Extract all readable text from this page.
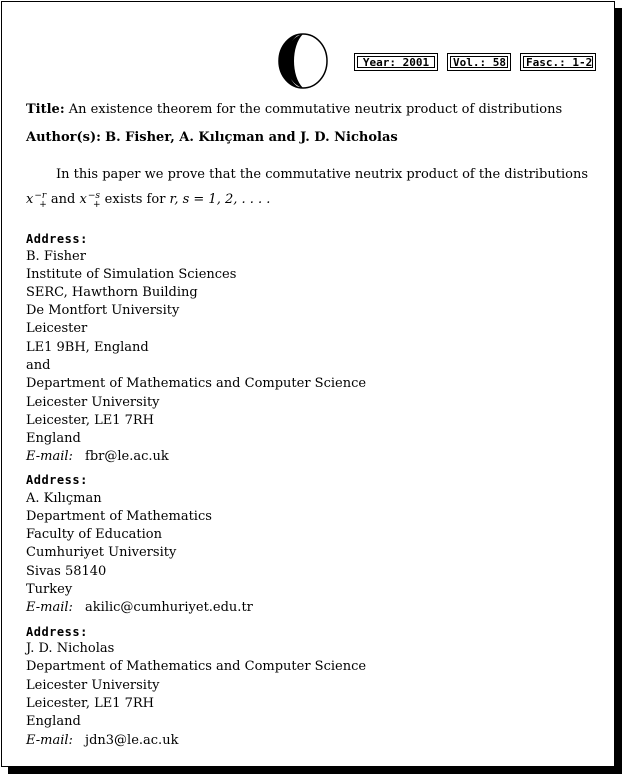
Year: 2001	Vol.: 58	Fasc.: 1-2
Title: An existence theorem for the commutative neutrix product of distributions
Author(s): B. Fisher, A. Kılıçman and J. D. Nicholas
In this paper we prove that the commutative neutrix product of the distributions
$x^{-r}_+$ and $x^{-s}_+$ exists for r, s = 1, 2, . . . .
Address:
B. Fisher
Institute of Simulation Sciences
SERC, Hawthorn Building
De Montfort University
Leicester
LE1 9BH, England
and
Department of Mathematics and Computer Science
Leicester University
Leicester, LE1 7RH
England
E-mail: fbr@le.ac.uk
Address:
A. Kılıçman
Department of Mathematics
Faculty of Education
Cumhuriyet University
Sivas 58140
Turkey
E-mail: akilic@cumhuriyet.edu.tr
Address:
J. D. Nicholas
Department of Mathematics and Computer Science
Leicester University
Leicester, LE1 7RH
England
E-mail: jdn3@le.ac.uk
